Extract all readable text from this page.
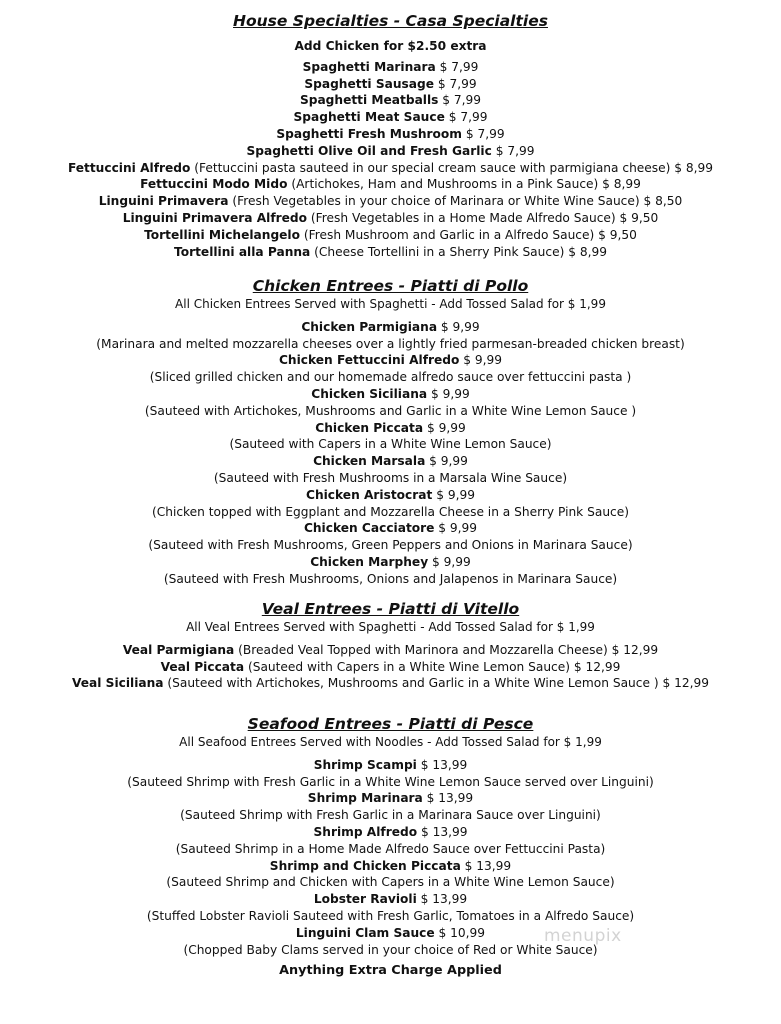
House Specialties - Casa Specialties

Add Chicken for $2.50 extra

Spaghetti Marinara $ 7,99

Spaghetti Sausage $ 7,99

Spaghetti Meatballs $ 7,99

Spaghetti Meat Sauce $ 7,99

Spaghetti Fresh Mushroom $ 7,99

Spaghetti Olive Oil and Fresh Garlic $ 7,99

Fettuccini Alfredo (Fettuccini pasta sauteed in our special cream sauce with parmigiana cheese) $ 8,99

Fettuccini Modo Mido (Artichokes, Ham and Mushrooms in a Pink Sauce) $ 8,99

Linguini Primavera (Fresh Vegetables in your choice of Marinara or White Wine Sauce) $ 8,50

Linguini Primavera Alfredo (Fresh Vegetables in a Home Made Alfredo Sauce) $ 9,50

Tortellini Michelangelo (Fresh Mushroom and Garlic in a Alfredo Sauce) $ 9,50

Tortellini alla Panna (Cheese Tortellini in a Sherry Pink Sauce) $ 8,99

Chicken Entrees - Piatti di Pollo

All Chicken Entrees Served with Spaghetti - Add Tossed Salad for $ 1,99

Chicken Parmigiana $ 9,99

(Marinara and melted mozzarella cheeses over a lightly fried parmesan-breaded chicken breast)

Chicken Fettuccini Alfredo $ 9,99

(Sliced grilled chicken and our homemade alfredo sauce over fettuccini pasta )

Chicken Siciliana $ 9,99

(Sauteed with Artichokes, Mushrooms and Garlic in a White Wine Lemon Sauce )

Chicken Piccata $ 9,99

(Sauteed with Capers in a White Wine Lemon Sauce)

Chicken Marsala $ 9,99

(Sauteed with Fresh Mushrooms in a Marsala Wine Sauce)

Chicken Aristocrat $ 9,99

(Chicken topped with Eggplant and Mozzarella Cheese in a Sherry Pink Sauce)

Chicken Cacciatore $ 9,99

(Sauteed with Fresh Mushrooms, Green Peppers and Onions in Marinara Sauce)

Chicken Marphey $ 9,99

(Sauteed with Fresh Mushrooms, Onions and Jalapenos in Marinara Sauce)

Veal Entrees - Piatti di Vitello

All Veal Entrees Served with Spaghetti - Add Tossed Salad for $ 1,99

Veal Parmigiana (Breaded Veal Topped with Marinora and Mozzarella Cheese) $ 12,99

Veal Piccata (Sauteed with Capers in a White Wine Lemon Sauce) $ 12,99

Veal Siciliana (Sauteed with Artichokes, Mushrooms and Garlic in a White Wine Lemon Sauce ) $ 12,99

Seafood Entrees - Piatti di Pesce

All Seafood Entrees Served with Noodles - Add Tossed Salad for $ 1,99

Shrimp Scampi $ 13,99

(Sauteed Shrimp with Fresh Garlic in a White Wine Lemon Sauce served over Linguini)

Shrimp Marinara $ 13,99

(Sauteed Shrimp with Fresh Garlic in a Marinara Sauce over Linguini)

Shrimp Alfredo $ 13,99

(Sauteed Shrimp in a Home Made Alfredo Sauce over Fettuccini Pasta)

Shrimp and Chicken Piccata $ 13,99

(Sauteed Shrimp and Chicken with Capers in a White Wine Lemon Sauce)

Lobster Ravioli $ 13,99

(Stuffed Lobster Ravioli Sauteed with Fresh Garlic, Tomatoes in a Alfredo Sauce)

Linguini Clam Sauce $ 10,99

(Chopped Baby Clams served in your choice of Red or White Sauce)

Anything Extra Charge Applied

menupix
